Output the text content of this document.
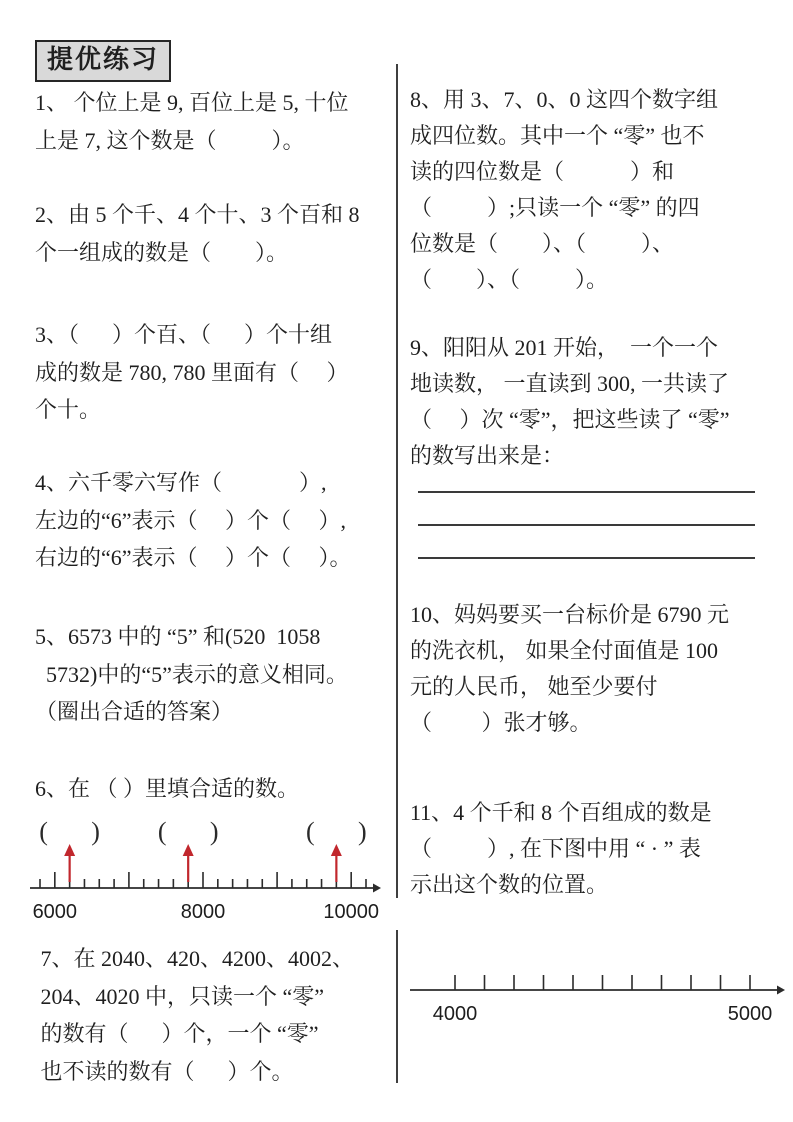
提优练习
1、 个位上是 9, 百位上是 5, 十位
上是 7, 这个数是（          ）。
2、由 5 个千、4 个十、3 个百和 8
个一组成的数是（        ）。
3、（      ）个百、（      ）个十组
成的数是 780, 780 里面有（     ）
个十。
4、六千零六写作（              ）,
左边的“6”表示（     ）个（     ）,
右边的“6”表示（     ）个（     ）。
5、6573 中的 “5” 和(520  1058
5732)中的“5”表示的意义相同。
（圈出合适的答案）
6、在 （ ）里填合适的数。
6000	8000	10000
( ) ( )	( )
7、在 2040、420、4200、4002、
204、4020 中，只读一个 “零”
的数有（      ）个，一个 “零”
也不读的数有（      ）个。
8、用 3、7、0、0 这四个数字组
成四位数。其中一个 “零” 也不
读的四位数是（            ）和
（          ）;只读一个 “零” 的四
位数是（        ）、（          ）、
（        ）、（          ）。
9、阳阳从 201 开始，  一个一个
地读数， 一直读到 300, 一共读了
（     ）次 “零”，把这些读了 “零”
的数写出来是：
10、妈妈要买一台标价是 6790 元
的洗衣机， 如果全付面值是 100
元的人民币， 她至少要付
（         ）张才够。
11、4 个千和 8 个百组成的数是
（          ）, 在下图中用 “ · ” 表
示出这个数的位置。
4000	5000
